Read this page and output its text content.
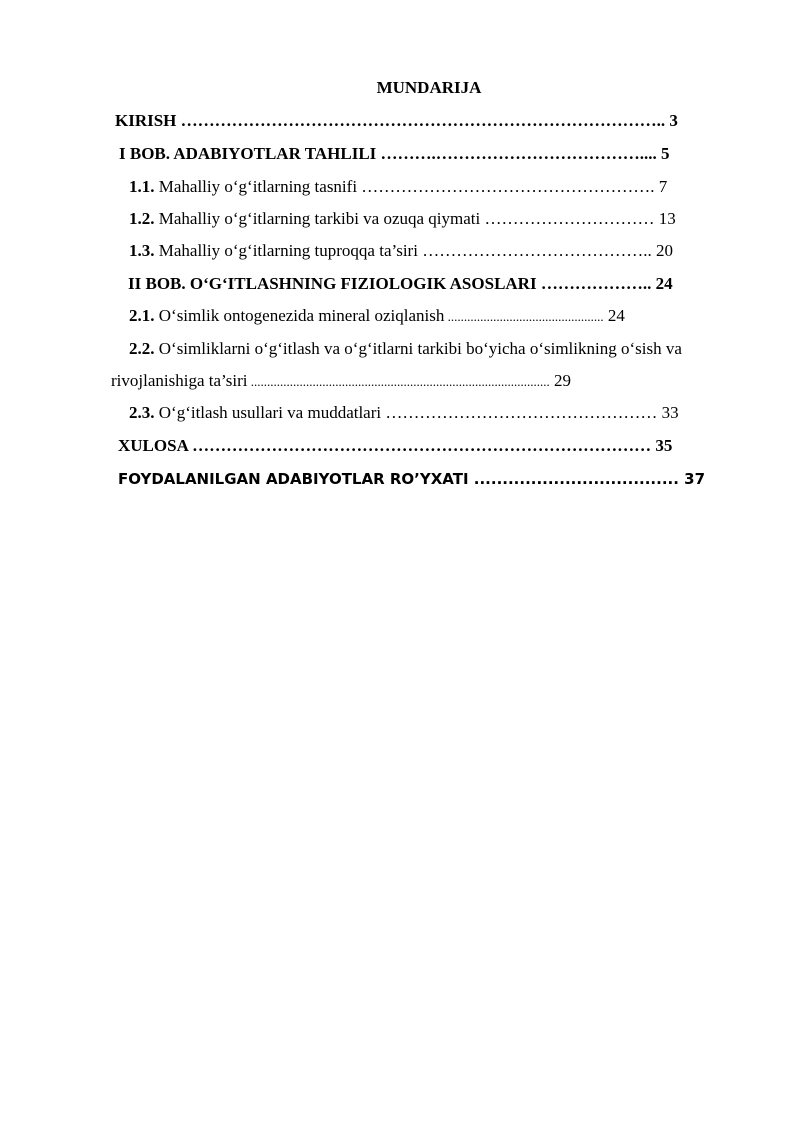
MUNDARIJA

KIRISH ………………………………………………………………………….. 3

I BOB. ADABIYOTLAR TAHLILI ……….……………………………….... 5

1.1. Mahalliy o‘g‘itlarning tasnifi ……………………………………………. 7

1.2. Mahalliy o‘g‘itlarning tarkibi va ozuqa qiymati ………………………… 13

1.3. Mahalliy o‘g‘itlarning tuproqqa ta’siri ………………………………….. 20

II BOB. O‘G‘ITLASHNING FIZIOLOGIK ASOSLARI ……………….. 24

2.1. O‘simlik ontogenezida mineral oziqlanish ................................................ 24

2.2. O‘simliklarni o‘g‘itlash va o‘g‘itlarni tarkibi bo‘yicha o‘simlikning o‘sish va

rivojlanishiga ta’siri ............................................................................................ 29

2.3. O‘g‘itlash usullari va muddatlari ………………………………………… 33

XULOSA ……………………………………………………………………… 35

FOYDALANILGAN ADABIYOTLAR RO’YXATI .................................... 37
